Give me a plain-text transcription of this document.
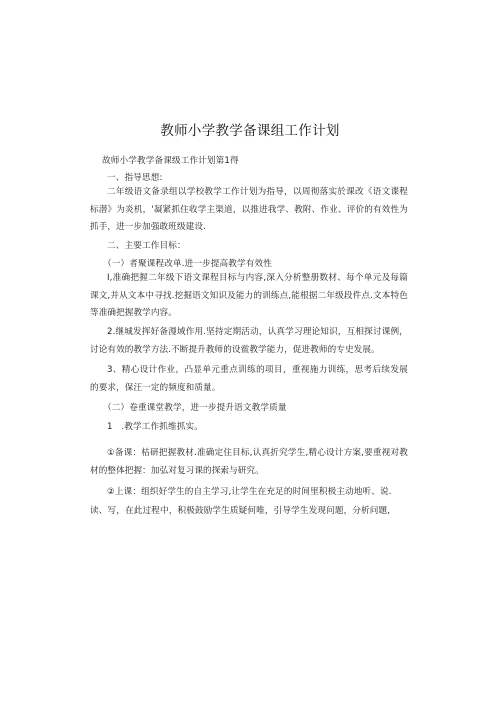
教师小学教学备课组工作计划
故师小学教学备课级工作计划第1得
一、指导思想:
二年级语文备录组以学校教学工作计划为指导，以周彻落实於课改《语文谍程标潜》为炎机，'凝紧抓住收学主渠道，以推进我学、教附、作业、评价的有效性为抓手，进一步加强敢班级建设.
二、主要工作目标：
（一）者聚课程改单.进一步提高教学有效性
I,准确把握二年级下语文课程目标与内容,深入分析整册数材、每个单元及每篇课文,并从文本中寻找.挖掘语文知识及能力的训练点,能根据二年级段件点.文本特色等准确把握教学内容。
2.继城发挥好备漫域作用.坚持定期活动，认真学习理论知识，互相探讨课例，讨论有效的教学方法.不断提升教师的设鲎教学能力，促进教师的专史发展。
3、精心设计作业，凸显单元重点训练的项目，重视施力训练，思考后续发展的要求，保汪一定的频度和质量。
（二）卷重课堂教学，进一步提升语文教学质量
1　.教学工作抓维抓实。
①备课：枯研把握教材.准确定住目标,认真折究学生,精心设计方案,要重视对教材的整体把握：加弘对复习课的探索与研究。
②上课：组织好学生的自主学习,让学生在充足的时间里积极主动地听、说.
读、写，在此过程中，积极鼓励学生质疑何唯，引导学生发现问题，分析问題,
